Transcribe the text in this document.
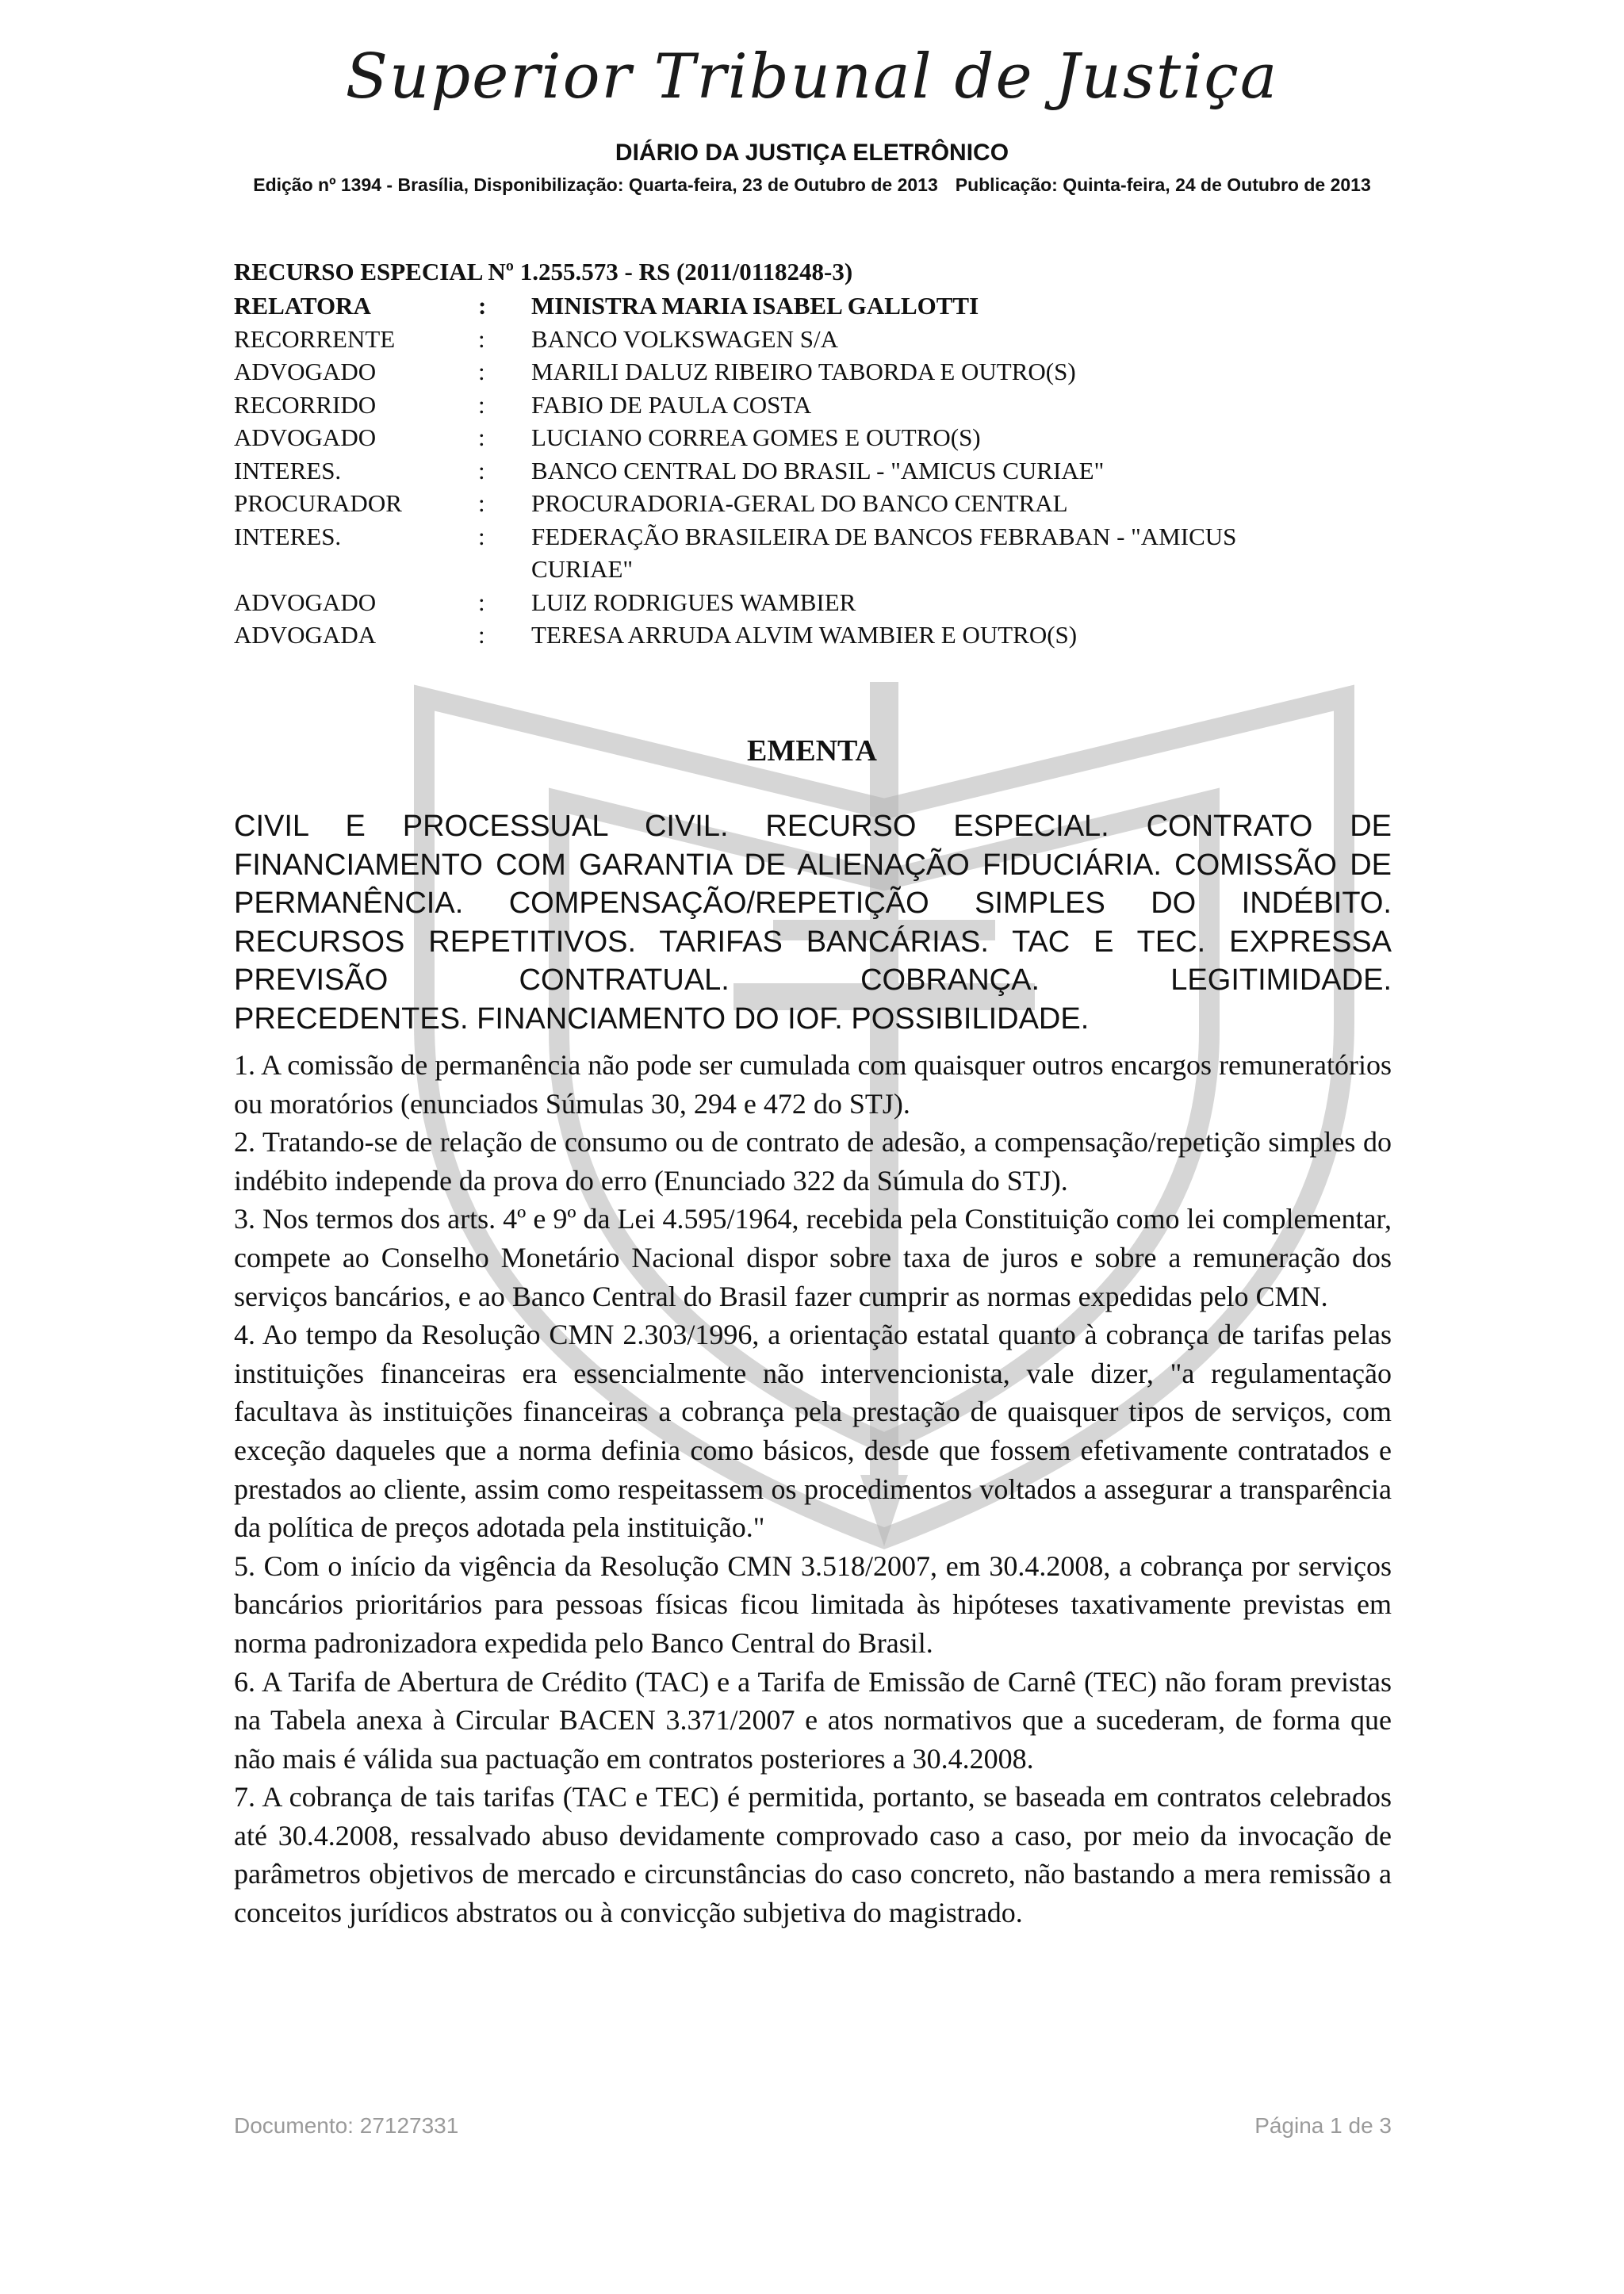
Superior Tribunal de Justiça
DIÁRIO DA JUSTIÇA ELETRÔNICO
Edição nº 1394 - Brasília, Disponibilização: Quarta-feira, 23 de Outubro de 2013 Publicação: Quinta-feira, 24 de Outubro de 2013
RECURSO ESPECIAL Nº 1.255.573 - RS (2011/0118248-3)
RELATORA	: MINISTRA MARIA ISABEL GALLOTTI
RECORRENTE	: BANCO VOLKSWAGEN S/A
ADVOGADO	: MARILI DALUZ RIBEIRO TABORDA E OUTRO(S)
RECORRIDO	: FABIO DE PAULA COSTA
ADVOGADO	: LUCIANO CORREA GOMES E OUTRO(S)
INTERES.	: BANCO CENTRAL DO BRASIL - "AMICUS CURIAE"
PROCURADOR	: PROCURADORIA-GERAL DO BANCO CENTRAL
INTERES.	: FEDERAÇÃO BRASILEIRA DE BANCOS FEBRABAN - "AMICUS
CURIAE"
ADVOGADO	: LUIZ RODRIGUES WAMBIER
ADVOGADA	: TERESA ARRUDA ALVIM WAMBIER E OUTRO(S)
EMENTA
CIVIL E PROCESSUAL CIVIL. RECURSO ESPECIAL. CONTRATO DE FINANCIAMENTO COM GARANTIA DE ALIENAÇÃO FIDUCIÁRIA. COMISSÃO DE PERMANÊNCIA. COMPENSAÇÃO/REPETIÇÃO SIMPLES DO INDÉBITO. RECURSOS REPETITIVOS. TARIFAS BANCÁRIAS. TAC E TEC. EXPRESSA PREVISÃO CONTRATUAL. COBRANÇA. LEGITIMIDADE.
PRECEDENTES. FINANCIAMENTO DO IOF. POSSIBILIDADE.

1. A comissão de permanência não pode ser cumulada com quaisquer outros encargos remuneratórios ou moratórios (enunciados Súmulas 30, 294 e 472 do STJ).

2. Tratando-se de relação de consumo ou de contrato de adesão, a compensação/repetição simples do indébito independe da prova do erro (Enunciado 322 da Súmula do STJ).

3. Nos termos dos arts. 4º e 9º da Lei 4.595/1964, recebida pela Constituição como lei complementar, compete ao Conselho Monetário Nacional dispor sobre taxa de juros e sobre a remuneração dos serviços bancários, e ao Banco Central do Brasil fazer cumprir as normas expedidas pelo CMN.

4. Ao tempo da Resolução CMN 2.303/1996, a orientação estatal quanto à cobrança de tarifas pelas instituições financeiras era essencialmente não intervencionista, vale dizer, "a regulamentação facultava às instituições financeiras a cobrança pela prestação de quaisquer tipos de serviços, com exceção daqueles que a norma definia como básicos, desde que fossem efetivamente contratados e prestados ao cliente, assim como respeitassem os procedimentos voltados a assegurar a transparência da política de preços adotada pela instituição."

5. Com o início da vigência da Resolução CMN 3.518/2007, em 30.4.2008, a cobrança por serviços bancários prioritários para pessoas físicas ficou limitada às hipóteses taxativamente previstas em norma padronizadora expedida pelo Banco Central do Brasil.

6. A Tarifa de Abertura de Crédito (TAC) e a Tarifa de Emissão de Carnê (TEC) não foram previstas na Tabela anexa à Circular BACEN 3.371/2007 e atos normativos que a sucederam, de forma que não mais é válida sua pactuação em contratos posteriores a 30.4.2008.

7. A cobrança de tais tarifas (TAC e TEC) é permitida, portanto, se baseada em contratos celebrados até 30.4.2008, ressalvado abuso devidamente comprovado caso a caso, por meio da invocação de parâmetros objetivos de mercado e circunstâncias do caso concreto, não bastando a mera remissão a conceitos jurídicos abstratos ou à convicção subjetiva do magistrado.

Documento: 27127331	Página 1 de 3
